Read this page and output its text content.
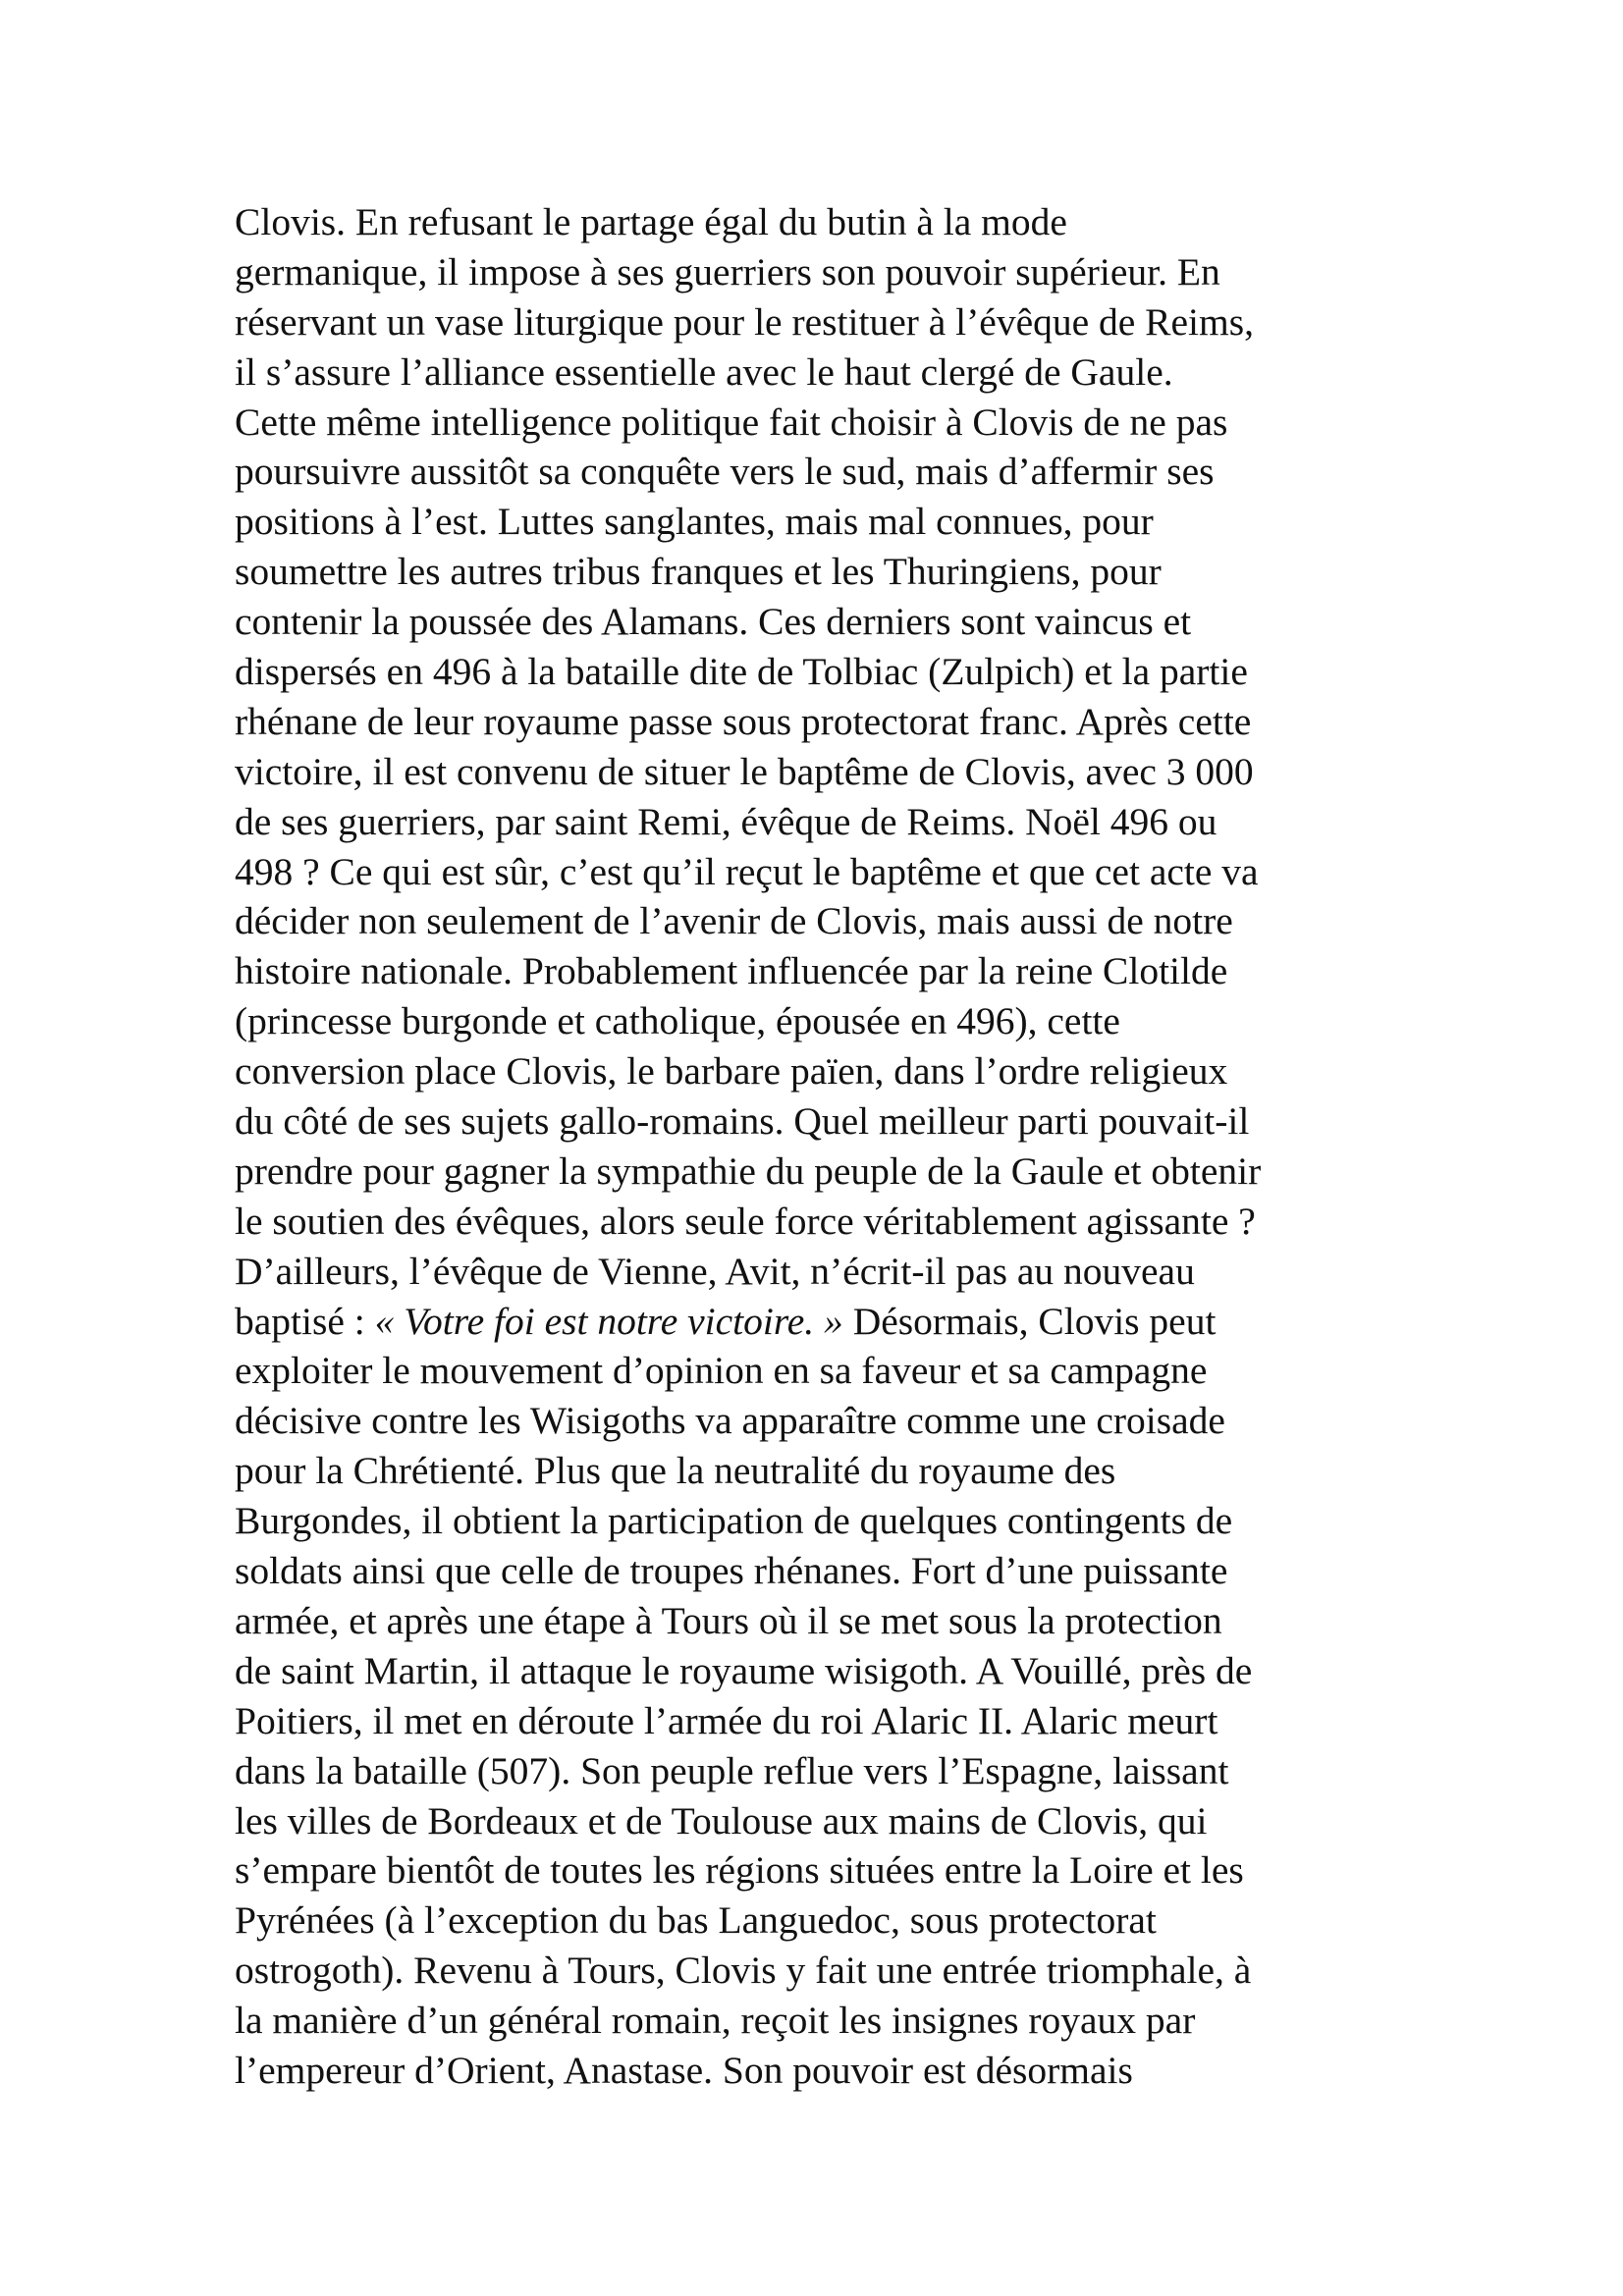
Clovis. En refusant le partage égal du butin à la mode
germanique, il impose à ses guerriers son pouvoir supérieur. En
réservant un vase liturgique pour le restituer à l’évêque de Reims,
il s’assure l’alliance essentielle avec le haut clergé de Gaule.
Cette même intelligence politique fait choisir à Clovis de ne pas
poursuivre aussitôt sa conquête vers le sud, mais d’affermir ses
positions à l’est. Luttes sanglantes, mais mal connues, pour
soumettre les autres tribus franques et les Thuringiens, pour
contenir la poussée des Alamans. Ces derniers sont vaincus et
dispersés en 496 à la bataille dite de Tolbiac (Zulpich) et la partie
rhénane de leur royaume passe sous protectorat franc. Après cette
victoire, il est convenu de situer le baptême de Clovis, avec 3 000
de ses guerriers, par saint Remi, évêque de Reims. Noël 496 ou
498 ? Ce qui est sûr, c’est qu’il reçut le baptême et que cet acte va
décider non seulement de l’avenir de Clovis, mais aussi de notre
histoire nationale. Probablement influencée par la reine Clotilde
(princesse burgonde et catholique, épousée en 496), cette
conversion place Clovis, le barbare païen, dans l’ordre religieux
du côté de ses sujets gallo-romains. Quel meilleur parti pouvait-il
prendre pour gagner la sympathie du peuple de la Gaule et obtenir
le soutien des évêques, alors seule force véritablement agissante ?
D’ailleurs, l’évêque de Vienne, Avit, n’écrit-il pas au nouveau
baptisé : « Votre foi est notre victoire. » Désormais, Clovis peut
exploiter le mouvement d’opinion en sa faveur et sa campagne
décisive contre les Wisigoths va apparaître comme une croisade
pour la Chrétienté. Plus que la neutralité du royaume des
Burgondes, il obtient la participation de quelques contingents de
soldats ainsi que celle de troupes rhénanes. Fort d’une puissante
armée, et après une étape à Tours où il se met sous la protection
de saint Martin, il attaque le royaume wisigoth. A Vouillé, près de
Poitiers, il met en déroute l’armée du roi Alaric II. Alaric meurt
dans la bataille (507). Son peuple reflue vers l’Espagne, laissant
les villes de Bordeaux et de Toulouse aux mains de Clovis, qui
s’empare bientôt de toutes les régions situées entre la Loire et les
Pyrénées (à l’exception du bas Languedoc, sous protectorat
ostrogoth). Revenu à Tours, Clovis y fait une entrée triomphale, à
la manière d’un général romain, reçoit les insignes royaux par
l’empereur d’Orient, Anastase. Son pouvoir est désormais
